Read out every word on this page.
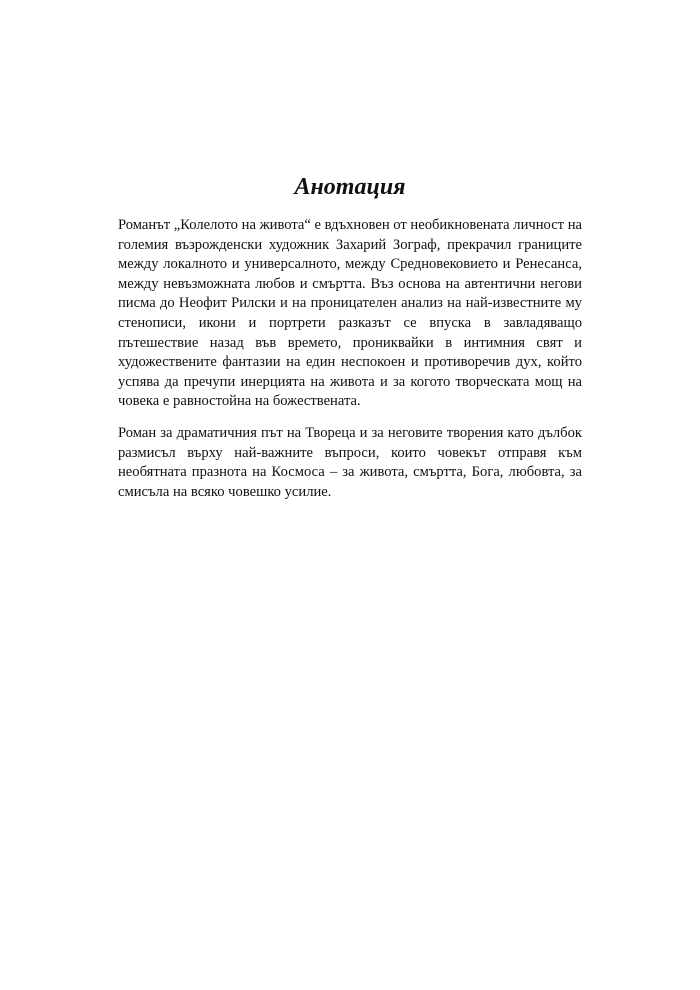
Анотация

Романът „Колелото на живота“ е вдъхновен от необикновената личност на големия възрожденски художник Захарий Зограф, прекрачил границите между локалното и универсалното, между Средновековието и Ренесанса, между невъзможната любов и смъртта. Въз основа на автентични негови писма до Неофит Рилски и на проницателен анализ на най-известните му стенописи, икони и портрети разказът се впуска в завладяващо пътешествие назад във времето, прониквайки в интимния свят и художествените фантазии на един неспокоен и противоречив дух, който успява да пречупи инерцията на живота и за когото творческата мощ на човека е равностойна на божествената.

Роман за драматичния път на Твореца и за неговите творения като дълбок размисъл върху най-важните въпроси, които човекът отправя към необятната празнота на Космоса – за живота, смъртта, Бога, любовта, за смисъла на всяко човешко усилие.
